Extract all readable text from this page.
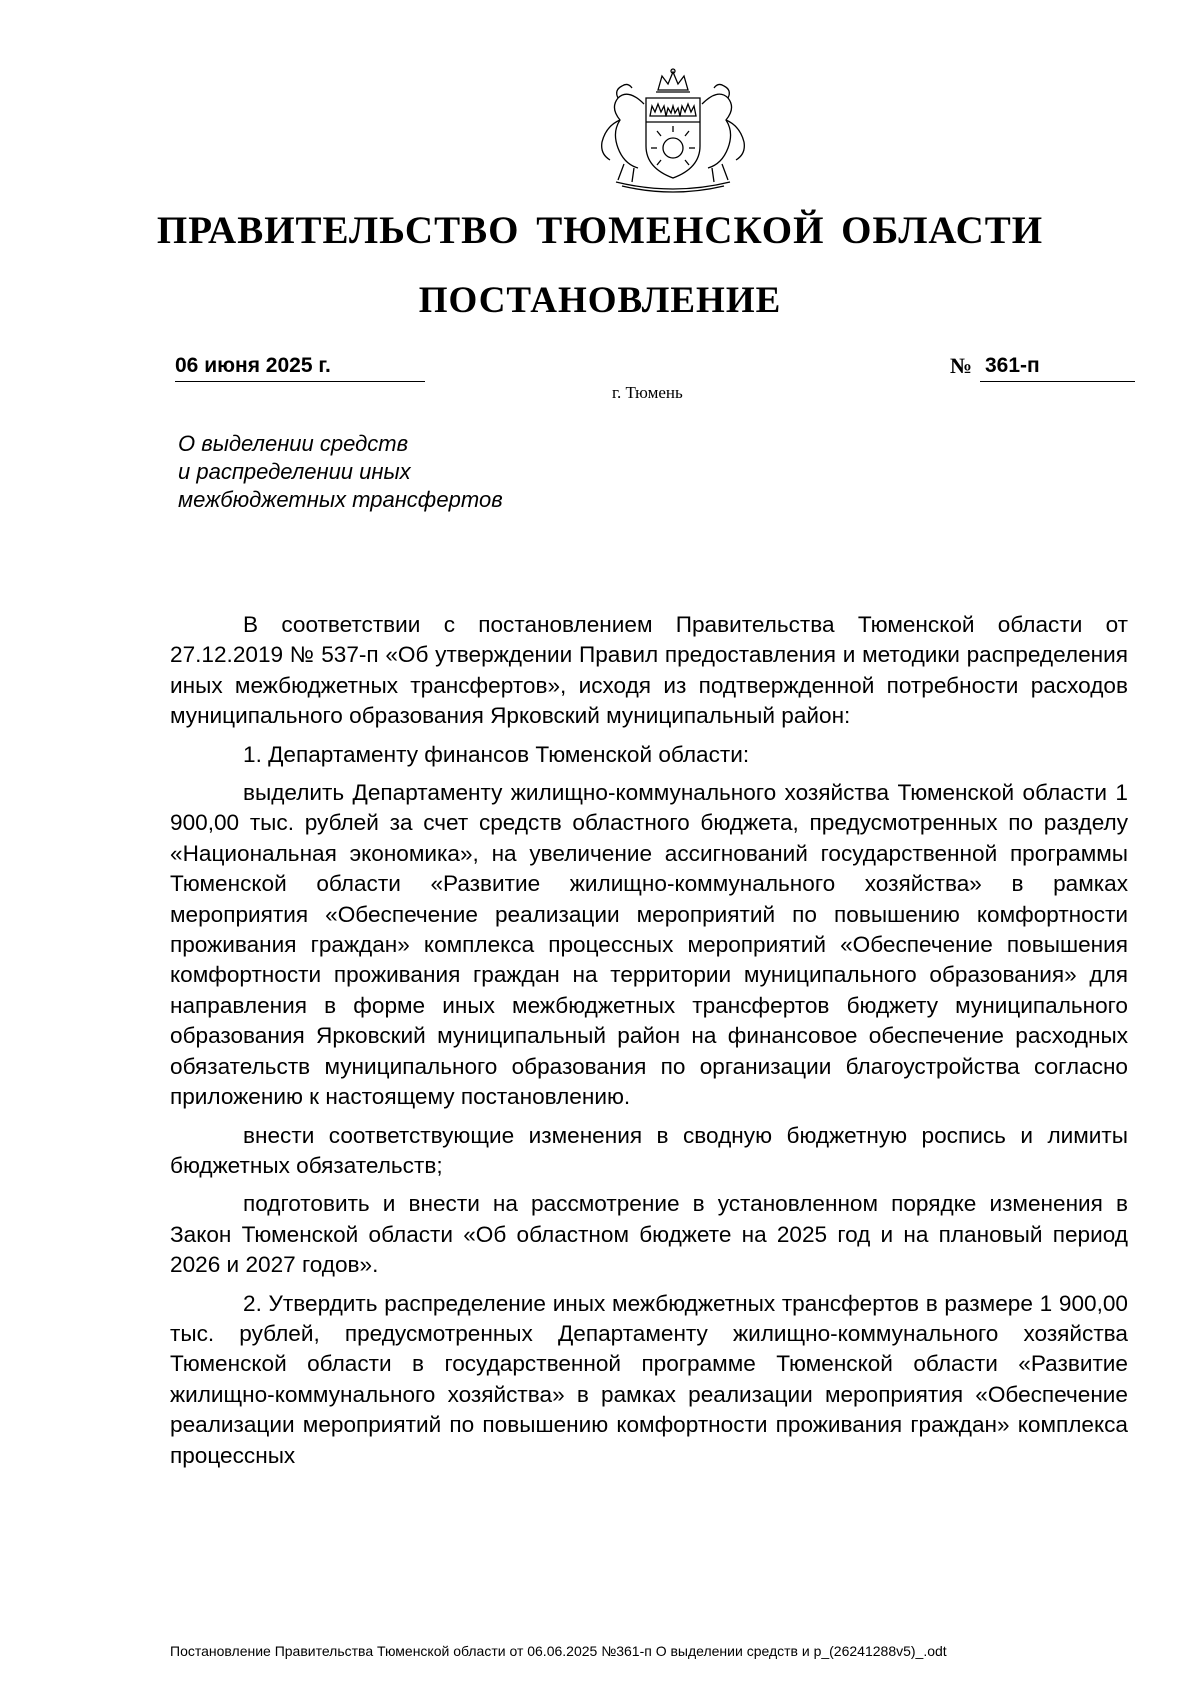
ПРАВИТЕЛЬСТВО ТЮМЕНСКОЙ ОБЛАСТИ
ПОСТАНОВЛЕНИЕ
06 июня 2025 г.	№ 361-п
г. Тюмень
О выделении средств
и распределении иных
межбюджетных трансфертов

В соответствии с постановлением Правительства Тюменской области от 27.12.2019 № 537-п «Об утверждении Правил предоставления и методики распределения иных межбюджетных трансфертов», исходя из подтвержденной потребности расходов муниципального образования Ярковский муниципальный район:

1. Департаменту финансов Тюменской области:

выделить Департаменту жилищно-коммунального хозяйства Тюменской области 1 900,00 тыс. рублей за счет средств областного бюджета, предусмотренных по разделу «Национальная экономика», на увеличение ассигнований государственной программы Тюменской области «Развитие жилищно-коммунального хозяйства» в рамках мероприятия «Обеспечение реализации мероприятий по повышению комфортности проживания граждан» комплекса процессных мероприятий «Обеспечение повышения комфортности проживания граждан на территории муниципального образования» для направления в форме иных межбюджетных трансфертов бюджету муниципального образования Ярковский муниципальный район на финансовое обеспечение расходных обязательств муниципального образования по организации благоустройства согласно приложению к настоящему постановлению.

внести соответствующие изменения в сводную бюджетную роспись и лимиты бюджетных обязательств;

подготовить и внести на рассмотрение в установленном порядке изменения в Закон Тюменской области «Об областном бюджете на 2025 год и на плановый период 2026 и 2027 годов».

2. Утвердить распределение иных межбюджетных трансфертов в размере 1 900,00 тыс. рублей, предусмотренных Департаменту жилищно-коммунального хозяйства Тюменской области в государственной программе Тюменской области «Развитие жилищно-коммунального хозяйства» в рамках реализации мероприятия «Обеспечение реализации мероприятий по повышению комфортности проживания граждан» комплекса процессных

Постановление Правительства Тюменской области от 06.06.2025 №361-п О выделении средств и р_(26241288v5)_.odt
